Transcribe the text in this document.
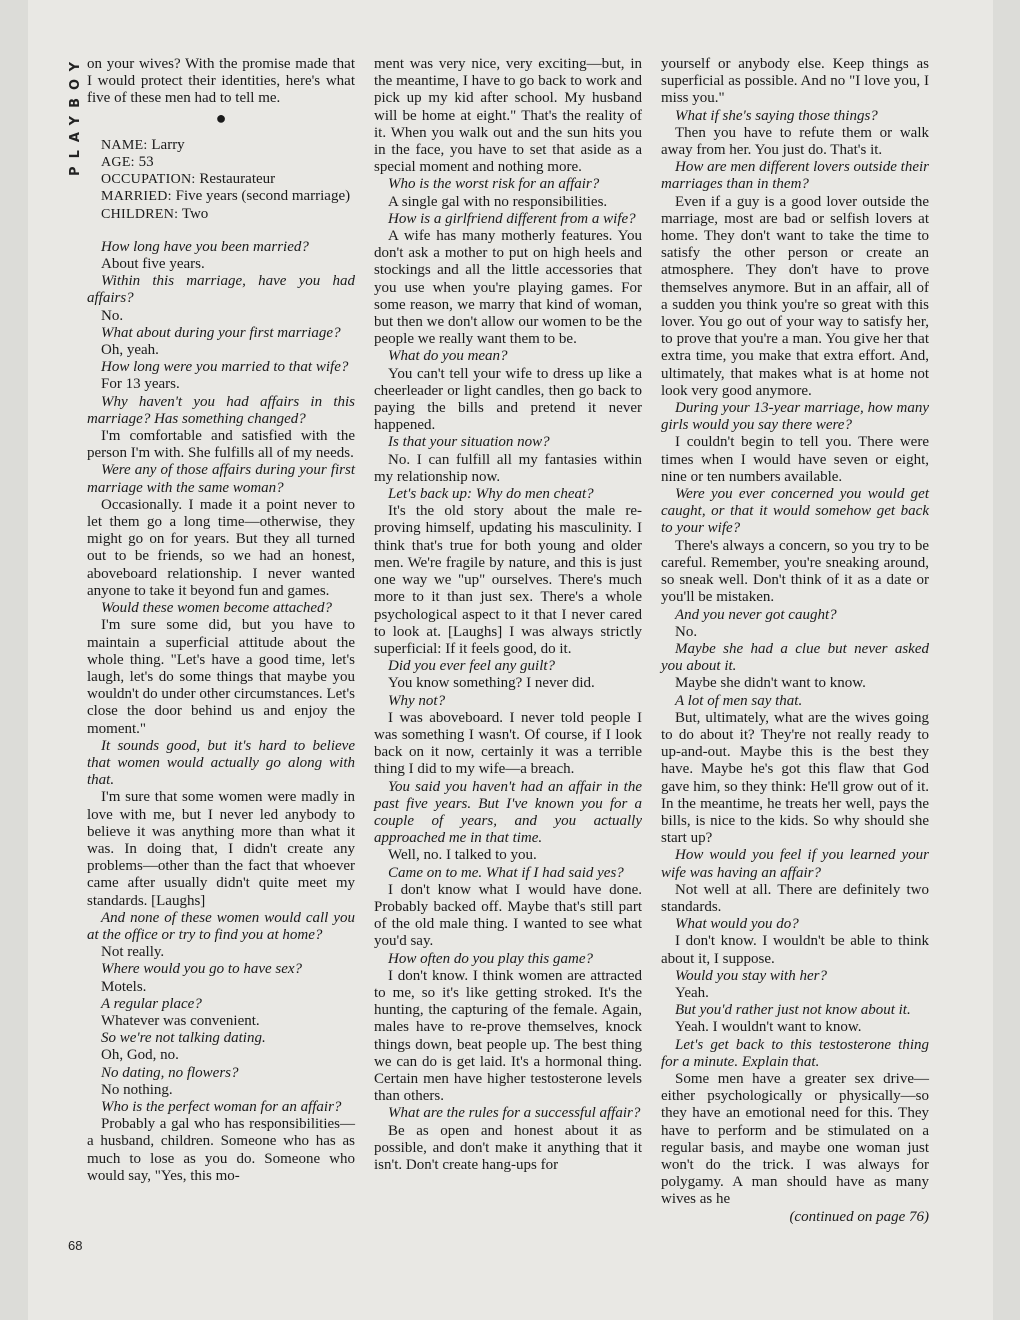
PLAYBOY
68

on your wives? With the promise made that I would protect their identities, here's what five of these men had to tell me.

●
NAME: Larry
AGE: 53
OCCUPATION: Restaurateur
MARRIED: Five years (second marriage)
CHILDREN: Two

How long have you been married?

About five years.

Within this marriage, have you had affairs?

No.

What about during your first marriage?

Oh, yeah.

How long were you married to that wife?

For 13 years.

Why haven't you had affairs in this marriage? Has something changed?

I'm comfortable and satisfied with the person I'm with. She fulfills all of my needs.

Were any of those affairs during your first marriage with the same woman?

Occasionally. I made it a point never to let them go a long time—otherwise, they might go on for years. But they all turned out to be friends, so we had an honest, aboveboard relationship. I never wanted anyone to take it beyond fun and games.

Would these women become attached?

I'm sure some did, but you have to maintain a superficial attitude about the whole thing. "Let's have a good time, let's laugh, let's do some things that maybe you wouldn't do under other circumstances. Let's close the door behind us and enjoy the moment."

It sounds good, but it's hard to believe that women would actually go along with that.

I'm sure that some women were madly in love with me, but I never led anybody to believe it was anything more than what it was. In doing that, I didn't create any problems—other than the fact that whoever came after usually didn't quite meet my standards. [Laughs]

And none of these women would call you at the office or try to find you at home?

Not really.

Where would you go to have sex?

Motels.

A regular place?

Whatever was convenient.

So we're not talking dating.

Oh, God, no.

No dating, no flowers?

No nothing.

Who is the perfect woman for an affair?

Probably a gal who has responsibilities—a husband, children. Someone who has as much to lose as you do. Someone who would say, "Yes, this mo-

ment was very nice, very exciting—but, in the meantime, I have to go back to work and pick up my kid after school. My husband will be home at eight." That's the reality of it. When you walk out and the sun hits you in the face, you have to set that aside as a special moment and nothing more.

Who is the worst risk for an affair?

A single gal with no responsibilities.

How is a girlfriend different from a wife?

A wife has many motherly features. You don't ask a mother to put on high heels and stockings and all the little accessories that you use when you're playing games. For some reason, we marry that kind of woman, but then we don't allow our women to be the people we really want them to be.

What do you mean?

You can't tell your wife to dress up like a cheerleader or light candles, then go back to paying the bills and pretend it never happened.

Is that your situation now?

No. I can fulfill all my fantasies within my relationship now.

Let's back up: Why do men cheat?

It's the old story about the male re-proving himself, updating his masculinity. I think that's true for both young and older men. We're fragile by nature, and this is just one way we "up" ourselves. There's much more to it than just sex. There's a whole psychological aspect to it that I never cared to look at. [Laughs] I was always strictly superficial: If it feels good, do it.

Did you ever feel any guilt?

You know something? I never did.

Why not?

I was aboveboard. I never told people I was something I wasn't. Of course, if I look back on it now, certainly it was a terrible thing I did to my wife—a breach.

You said you haven't had an affair in the past five years. But I've known you for a couple of years, and you actually approached me in that time.

Well, no. I talked to you.

Came on to me. What if I had said yes?

I don't know what I would have done. Probably backed off. Maybe that's still part of the old male thing. I wanted to see what you'd say.

How often do you play this game?

I don't know. I think women are attracted to me, so it's like getting stroked. It's the hunting, the capturing of the female. Again, males have to re-prove themselves, knock things down, beat people up. The best thing we can do is get laid. It's a hormonal thing. Certain men have higher testosterone levels than others.

What are the rules for a successful affair?

Be as open and honest about it as possible, and don't make it anything that it isn't. Don't create hang-ups for

yourself or anybody else. Keep things as superficial as possible. And no "I love you, I miss you."

What if she's saying those things?

Then you have to refute them or walk away from her. You just do. That's it.

How are men different lovers outside their marriages than in them?

Even if a guy is a good lover outside the marriage, most are bad or selfish lovers at home. They don't want to take the time to satisfy the other person or create an atmosphere. They don't have to prove themselves anymore. But in an affair, all of a sudden you think you're so great with this lover. You go out of your way to satisfy her, to prove that you're a man. You give her that extra time, you make that extra effort. And, ultimately, that makes what is at home not look very good anymore.

During your 13-year marriage, how many girls would you say there were?

I couldn't begin to tell you. There were times when I would have seven or eight, nine or ten numbers available.

Were you ever concerned you would get caught, or that it would somehow get back to your wife?

There's always a concern, so you try to be careful. Remember, you're sneaking around, so sneak well. Don't think of it as a date or you'll be mistaken.

And you never got caught?

No.

Maybe she had a clue but never asked you about it.

Maybe she didn't want to know.

A lot of men say that.

But, ultimately, what are the wives going to do about it? They're not really ready to up-and-out. Maybe this is the best they have. Maybe he's got this flaw that God gave him, so they think: He'll grow out of it. In the meantime, he treats her well, pays the bills, is nice to the kids. So why should she start up?

How would you feel if you learned your wife was having an affair?

Not well at all. There are definitely two standards.

What would you do?

I don't know. I wouldn't be able to think about it, I suppose.

Would you stay with her?

Yeah.

But you'd rather just not know about it.

Yeah. I wouldn't want to know.

Let's get back to this testosterone thing for a minute. Explain that.

Some men have a greater sex drive—either psychologically or physically—so they have an emotional need for this. They have to perform and be stimulated on a regular basis, and maybe one woman just won't do the trick. I was always for polygamy. A man should have as many wives as he

(continued on page 76)
